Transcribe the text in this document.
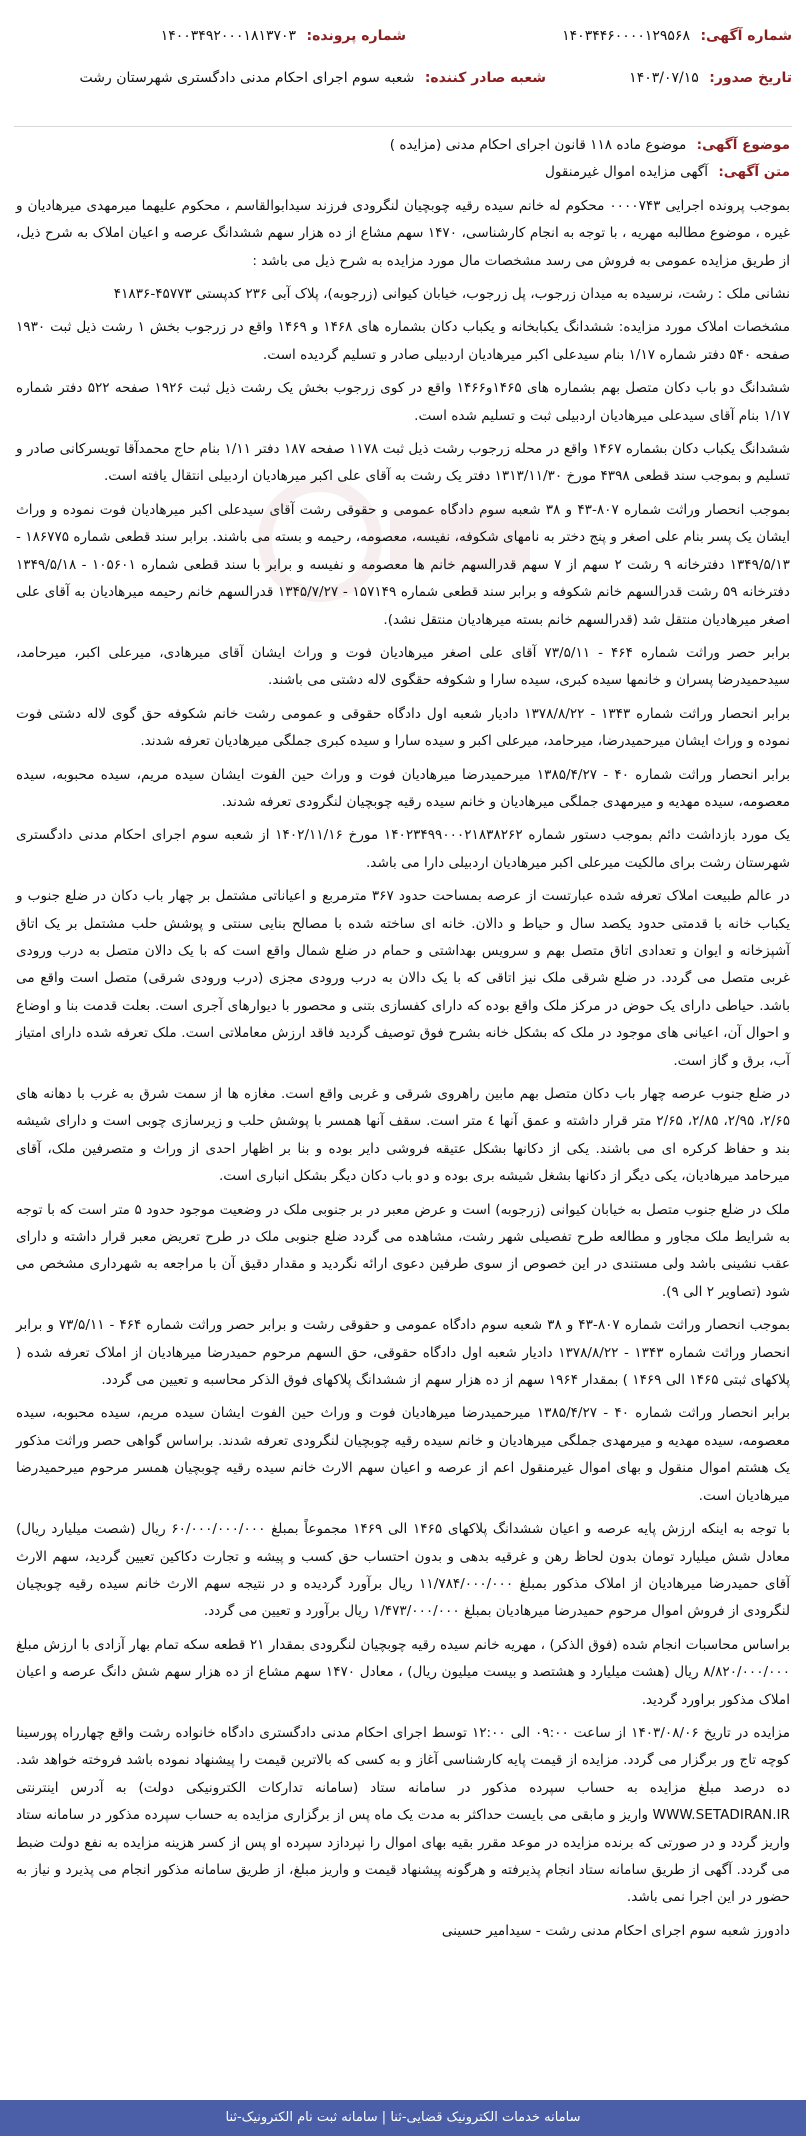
شماره آگهی: ۱۴۰۳۴۴۶۰۰۰۰۱۲۹۵۶۸
شماره پرونده: ۱۴۰۰۳۴۹۲۰۰۰۱۸۱۳۷۰۳
تاریخ صدور: ۱۴۰۳/۰۷/۱۵
شعبه صادر کننده: شعبه سوم اجرای احکام مدنی دادگستری شهرستان رشت

موضوع آگهی: موضوع ماده ۱۱۸ قانون اجرای احکام مدنی (مزایده )

متن آگهی: آگهی مزایده اموال غیرمنقول

بموجب پرونده اجرایی ۰۰۰۰۷۴۳ محکوم له خانم سیده رقیه چوبچیان لنگرودی فرزند سیدابوالقاسم ، محکوم علیهما میرمهدی میرهادیان و غیره ، موضوع مطالبه مهریه ، با توجه به انجام کارشناسی، ۱۴۷۰ سهم مشاع از ده هزار سهم ششدانگ عرصه و اعیان املاک به شرح ذیل، از طریق مزایده عمومی به فروش می رسد مشخصات مال مورد مزایده به شرح ذیل می باشد :

نشانی ملک : رشت، نرسیده به میدان زرجوب، پل زرجوب، خیابان کیوانی (زرجوبه)، پلاک آبی ۲۳۶ کدپستی ۴۵۷۷۳-۴۱۸۳۶

مشخصات املاک مورد مزایده: ششدانگ یکبابخانه و یکباب دکان بشماره های ۱۴۶۸ و ۱۴۶۹ واقع در زرجوب بخش ۱ رشت ذیل ثبت ۱۹۳۰ صفحه ۵۴۰ دفتر شماره ۱/۱۷ بنام سیدعلی اکبر میرهادیان اردبیلی صادر و تسلیم گردیده است.

ششدانگ دو باب دکان متصل بهم بشماره های ۱۴۶۵و۱۴۶۶ واقع در کوی زرجوب بخش یک رشت ذیل ثبت ۱۹۲۶ صفحه ۵۲۲ دفتر شماره ۱/۱۷ بنام آقای سیدعلی میرهادیان اردبیلی ثبت و تسلیم شده است.

ششدانگ یکباب دکان بشماره ۱۴۶۷ واقع در محله زرجوب رشت ذیل ثبت ۱۱۷۸ صفحه ۱۸۷ دفتر ۱/۱۱ بنام حاج محمدآقا تویسرکانی صادر و تسلیم و بموجب سند قطعی ۴۳۹۸ مورخ ۱۳۱۳/۱۱/۳۰ دفتر یک رشت به آقای علی اکبر میرهادیان اردبیلی انتقال یافته است.

بموجب انحصار وراثت شماره ۸۰۷-۴۳ و ۳۸ شعبه سوم دادگاه عمومی و حقوقی رشت آقای سیدعلی اکبر میرهادیان فوت نموده و وراث ایشان یک پسر بنام علی اصغر و پنج دختر به نامهای شکوفه، نفیسه، معصومه، رحیمه و بسته می باشند. برابر سند قطعی شماره ۱۸۶۷۷۵ - ۱۳۴۹/۵/۱۳ دفترخانه ۹ رشت ۲ سهم از ۷ سهم قدرالسهم خانم ها معصومه و نفیسه و برابر با سند قطعی شماره ۱۰۵۶۰۱ - ۱۳۴۹/۵/۱۸ دفترخانه ۵۹ رشت قدرالسهم خانم شکوفه و برابر سند قطعی شماره ۱۵۷۱۴۹ - ۱۳۴۵/۷/۲۷ قدرالسهم خانم رحیمه میرهادیان به آقای علی اصغر میرهادیان منتقل شد (قدرالسهم خانم بسته میرهادیان منتقل نشد).

برابر حصر وراثت شماره ۴۶۴ - ۷۳/۵/۱۱ آقای علی اصغر میرهادیان فوت و وراث ایشان آقای میرهادی، میرعلی اکبر، میرحامد، سیدحمیدرضا پسران و خانمها سیده کبری، سیده سارا و شکوفه حقگوی لاله دشتی می باشند.

برابر انحصار وراثت شماره ۱۳۴۳ - ۱۳۷۸/۸/۲۲ دادیار شعبه اول دادگاه حقوقی و عمومی رشت خانم شکوفه حق گوی لاله دشتی فوت نموده و وراث ایشان میرحمیدرضا، میرحامد، میرعلی اکبر و سیده سارا و سیده کبری جملگی میرهادیان تعرفه شدند.

برابر انحصار وراثت شماره ۴۰ - ۱۳۸۵/۴/۲۷ میرحمیدرضا میرهادیان فوت و وراث حین الفوت ایشان سیده مریم، سیده محبوبه، سیده معصومه، سیده مهدیه و میرمهدی جملگی میرهادیان و خانم سیده رقیه چوبچیان لنگرودی تعرفه شدند.

یک مورد بازداشت دائم بموجب دستور شماره ۱۴۰۲۳۴۹۹۰۰۰۲۱۸۳۸۲۶۲ مورخ ۱۴۰۲/۱۱/۱۶ از شعبه سوم اجرای احکام مدنی دادگستری شهرستان رشت برای مالکیت میرعلی اکبر میرهادیان اردبیلی دارا می باشد.

در عالم طبیعت املاک تعرفه شده عبارتست از عرصه بمساحت حدود ۳۶۷ مترمربع و اعیاناتی مشتمل بر چهار باب دکان در ضلع جنوب و یکباب خانه با قدمتی حدود یکصد سال و حیاط و دالان. خانه ای ساخته شده با مصالح بنایی سنتی و پوشش حلب مشتمل بر یک اتاق آشپزخانه و ایوان و تعدادی اتاق متصل بهم و سرویس بهداشتی و حمام در ضلع شمال واقع است که با یک دالان متصل به درب ورودی غربی متصل می گردد. در ضلع شرقی ملک نیز اتاقی که با یک دالان به درب ورودی مجزی (درب ورودی شرقی) متصل است واقع می باشد. حیاطی دارای یک حوض در مرکز ملک واقع بوده که دارای کفسازی بتنی و محصور با دیوارهای آجری است. بعلت قدمت بنا و اوضاع و احوال آن، اعیانی های موجود در ملک که بشکل خانه بشرح فوق توصیف گردید فاقد ارزش معاملاتی است. ملک تعرفه شده دارای امتیاز آب، برق و گاز است.

در ضلع جنوب عرصه چهار باب دکان متصل بهم مابین راهروی شرقی و غربی واقع است. مغازه ها از سمت شرق به غرب با دهانه های ۲/۶۵، ۲/۹۵، ۲/۸۵، ۲/۶۵ متر قرار داشته و عمق آنها ٤ متر است. سقف آنها همسر با پوشش حلب و زیرسازی چوبی است و دارای شیشه بند و حفاظ کرکره ای می باشند. یکی از دکانها بشکل عتیقه فروشی دایر بوده و بنا بر اظهار احدی از وراث و متصرفین ملک، آقای میرحامد میرهادیان، یکی دیگر از دکانها بشغل شیشه بری بوده و دو باب دکان دیگر بشکل انباری است.

ملک در ضلع جنوب متصل به خیابان کیوانی (زرجوبه) است و عرض معبر در بر جنوبی ملک در وضعیت موجود حدود ۵ متر است که با توجه به شرایط ملک مجاور و مطالعه طرح تفصیلی شهر رشت، مشاهده می گردد ضلع جنوبی ملک در طرح تعریض معبر قرار داشته و دارای عقب نشینی باشد ولی مستندی در این خصوص از سوی طرفین دعوی ارائه نگردید و مقدار دقیق آن با مراجعه به شهرداری مشخص می شود (تصاویر ۲ الی ۹).

بموجب انحصار وراثت شماره ۸۰۷-۴۳ و ۳۸ شعبه سوم دادگاه عمومی و حقوقی رشت و برابر حصر وراثت شماره ۴۶۴ - ۷۳/۵/۱۱ و برابر انحصار وراثت شماره ۱۳۴۳ - ۱۳۷۸/۸/۲۲ دادیار شعبه اول دادگاه حقوقی، حق السهم مرحوم حمیدرضا میرهادیان از املاک تعرفه شده ( پلاکهای ثبتی ۱۴۶۵ الی ۱۴۶۹ ) بمقدار ۱۹۶۴ سهم از ده هزار سهم از ششدانگ پلاکهای فوق الذکر محاسبه و تعیین می گردد.

برابر انحصار وراثت شماره ۴۰ - ۱۳۸۵/۴/۲۷ میرحمیدرضا میرهادیان فوت و وراث حین الفوت ایشان سیده مریم، سیده محبوبه، سیده معصومه، سیده مهدیه و میرمهدی جملگی میرهادیان و خانم سیده رقیه چوبچیان لنگرودی تعرفه شدند. براساس گواهی حصر وراثت مذکور یک هشتم اموال منقول و بهای اموال غیرمنقول اعم از عرصه و اعیان سهم الارث خانم سیده رقیه چوبچیان همسر مرحوم میرحمیدرضا میرهادیان است.

با توجه به اینکه ارزش پایه عرصه و اعیان ششدانگ پلاکهای ۱۴۶۵ الی ۱۴۶۹ مجموعاً بمبلغ ۶۰/۰۰۰/۰۰۰/۰۰۰ ریال (شصت میلیارد ریال) معادل شش میلیارد تومان بدون لحاظ رهن و غرقیه بدهی و بدون احتساب حق کسب و پیشه و تجارت دکاکین تعیین گردید، سهم الارث آقای حمیدرضا میرهادیان از املاک مذکور بمبلغ ۱۱/۷۸۴/۰۰۰/۰۰۰ ریال برآورد گردیده و در نتیجه سهم الارث خانم سیده رقیه چوبچیان لنگرودی از فروش اموال مرحوم حمیدرضا میرهادیان بمبلغ ۱/۴۷۳/۰۰۰/۰۰۰ ریال برآورد و تعیین می گردد.

براساس محاسبات انجام شده (فوق الذکر) ، مهریه خانم سیده رقیه چوبچیان لنگرودی بمقدار ۲۱ قطعه سکه تمام بهار آزادی با ارزش مبلغ ۸/۸۲۰/۰۰۰/۰۰۰ ریال (هشت میلیارد و هشتصد و بیست میلیون ریال) ، معادل ۱۴۷۰ سهم مشاع از ده هزار سهم شش دانگ عرصه و اعیان املاک مذکور براورد گردید.

مزایده در تاریخ ۱۴۰۳/۰۸/۰۶ از ساعت ۰۹:۰۰ الی ۱۲:۰۰ توسط اجرای احکام مدنی دادگستری دادگاه خانواده رشت واقع چهارراه پورسینا کوچه تاج ور برگزار می گردد. مزایده از قیمت پایه کارشناسی آغاز و به کسی که بالاترین قیمت را پیشنهاد نموده باشد فروخته خواهد شد. ده درصد مبلغ مزایده به حساب سپرده مذکور در سامانه ستاد (سامانه تدارکات الکترونیکی دولت) به آدرس اینترنتی WWW.SETADIRAN.IR واریز و مابقی می بایست حداکثر به مدت یک ماه پس از برگزاری مزایده به حساب سپرده مذکور در سامانه ستاد واریز گردد و در صورتی که برنده مزایده در موعد مقرر بقیه بهای اموال را نپردازد سپرده او پس از کسر هزینه مزایده به نفع دولت ضبط می گردد. آگهی از طریق سامانه ستاد انجام پذیرفته و هرگونه پیشنهاد قیمت و واریز مبلغ، از طریق سامانه مذکور انجام می پذیرد و نیاز به حضور در این اجرا نمی باشد.

دادورز شعبه سوم اجرای احکام مدنی رشت - سیدامیر حسینی

سامانه خدمات الکترونیک قضایی-ثنا | سامانه ثبت نام الکترونیک-ثنا
